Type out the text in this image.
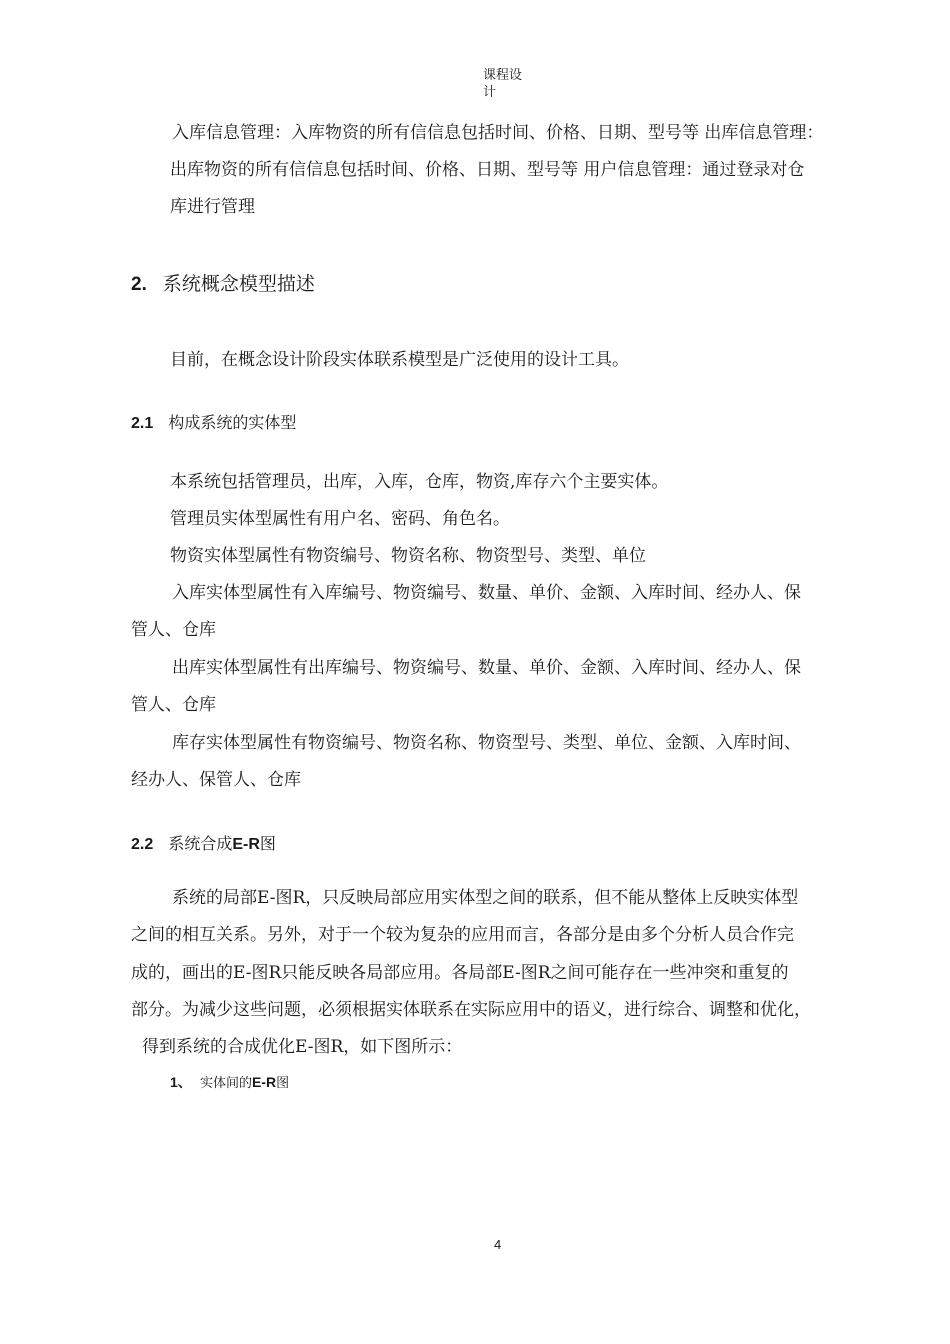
课程设
计
入库信息管理：入库物资的所有信信息包括时间、价格、日期、型号等 出库信息管理：
出库物资的所有信信息包括时间、价格、日期、型号等 用户信息管理：通过登录对仓
库进行管理
2. 系统概念模型描述
目前，在概念设计阶段实体联系模型是广泛使用的设计工具。
2.1 构成系统的实体型
本系统包括管理员，出库，入库，仓库，物资,库存六个主要实体。
管理员实体型属性有用户名、密码、角色名。
物资实体型属性有物资编号、物资名称、物资型号、类型、单位
入库实体型属性有入库编号、物资编号、数量、单价、金额、入库时间、经办人、保
管人、仓库
出库实体型属性有出库编号、物资编号、数量、单价、金额、入库时间、经办人、保
管人、仓库
库存实体型属性有物资编号、物资名称、物资型号、类型、单位、金额、入库时间、
经办人、保管人、仓库
2.2 系统合成E-R图
系统的局部E-图R，只反映局部应用实体型之间的联系，但不能从整体上反映实体型
之间的相互关系。另外，对于一个较为复杂的应用而言，各部分是由多个分析人员合作完
成的，画出的E-图R只能反映各局部应用。各局部E-图R之间可能存在一些冲突和重复的
部分。为减少这些问题，必须根据实体联系在实际应用中的语义，进行综合、调整和优化，
得到系统的合成优化E-图R，如下图所示：
1、 实体间的E-R图
4
